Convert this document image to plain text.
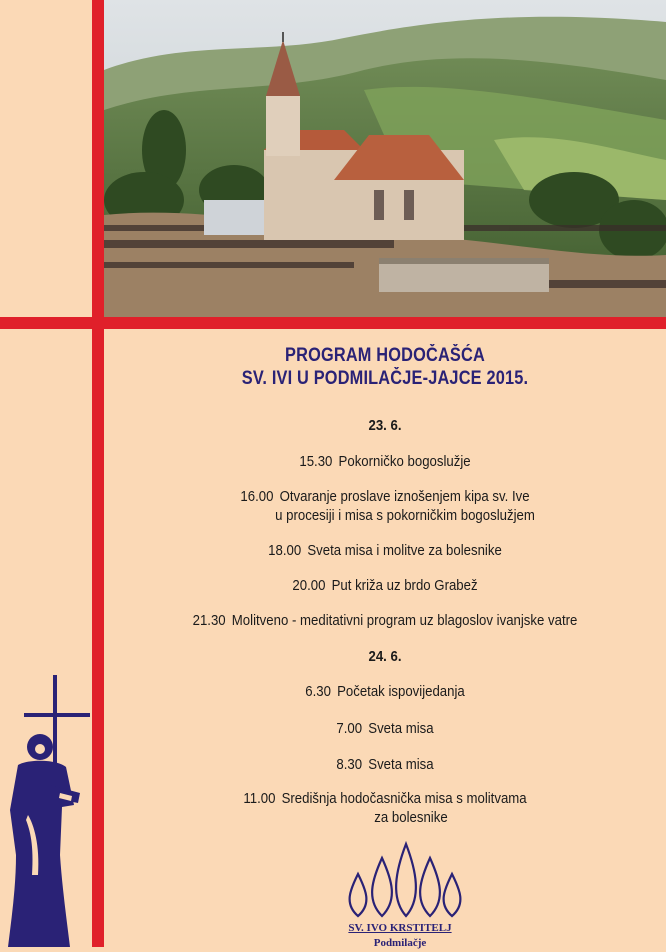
PROGRAM HODOČAŠĆA
SV. IVI U PODMILAČJE-JAJCE 2015.
23. 6.
15.30 Pokorničko bogoslužje
16.00 Otvaranje proslave iznošenjem kipa sv. Ive
u procesiji i misa s pokorničkim bogoslužjem
18.00 Sveta misa i molitve za bolesnike
20.00 Put križa uz brdo Grabež
21.30 Molitveno - meditativni program uz blagoslov ivanjske vatre
24. 6.
6.30 Početak ispovijedanja
7.00 Sveta misa
8.30 Sveta misa
11.00 Središnja hodočasnička misa s molitvama
za bolesnike
SV. IVO KRSTITELJ
Podmilačje
